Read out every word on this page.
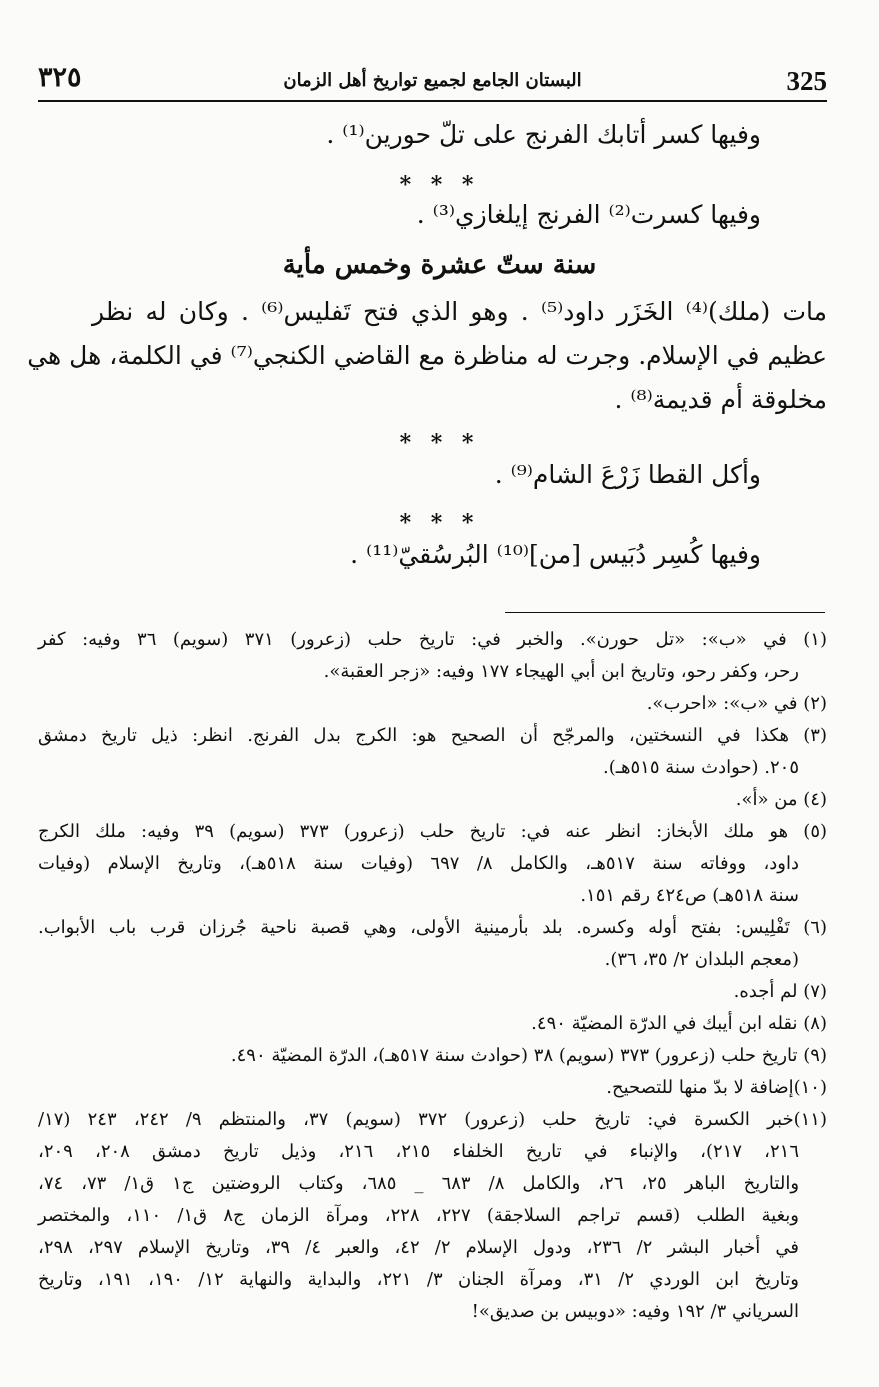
325
البستان الجامع لجميع تواريخ أهل الزمان
٣٢٥
وفيها كسر أتابك الفرنج على تلّ حورين⁽¹⁾ .
* * *
وفيها كسرت⁽²⁾ الفرنج إيلغازي⁽³⁾ .
سنة ستّ عشرة وخمس مأية
مات (ملك)⁽⁴⁾ الخَزَر داود⁽⁵⁾ . وهو الذي فتح تَفليس⁽⁶⁾ . وكان له نظر
عظيم في الإسلام. وجرت له مناظرة مع القاضي الكنجي⁽⁷⁾ في الكلمة، هل هي
مخلوقة أم قديمة⁽⁸⁾ .
* * *
وأكل القطا زَرْعَ الشام⁽⁹⁾ .
* * *
وفيها كُسِر دُبَيس [من]⁽¹⁰⁾ البُرسُقيّ⁽¹¹⁾ .
(١) في «ب»: «تل حورن». والخبر في: تاريخ حلب (زعرور) ٣٧١ (سويم) ٣٦ وفيه: كفر
رحر، وكفر رحو، وتاريخ ابن أبي الهيجاء ١٧٧ وفيه: «زجر العقبة».
(٢) في «ب»: «احرب».
(٣) هكذا في النسختين، والمرجّح أن الصحيح هو: الكرج بدل الفرنج. انظر: ذيل تاريخ دمشق
٢٠٥. (حوادث سنة ٥١٥هـ).
(٤) من «أ».
(٥) هو ملك الأبخاز: انظر عنه في: تاريخ حلب (زعرور) ٣٧٣ (سويم) ٣٩ وفيه: ملك الكرج
داود، ووفاته سنة ٥١٧هـ، والكامل ٨/ ٦٩٧ (وفيات سنة ٥١٨هـ)، وتاريخ الإسلام (وفيات
سنة ٥١٨هـ) ص٤٢٤ رقم ١٥١.
(٦) تَفْلِيس: بفتح أوله وكسره. بلد بأرمينية الأولى، وهي قصبة ناحية جُرزان قرب باب الأبواب.
(معجم البلدان ٢/ ٣٥، ٣٦).
(٧) لم أجده.
(٨) نقله ابن أيبك في الدرّة المضيّة ٤٩٠.
(٩) تاريخ حلب (زعرور) ٣٧٣ (سويم) ٣٨ (حوادث سنة ٥١٧هـ)، الدرّة المضيّة ٤٩٠.
(١٠)إضافة لا بدّ منها للتصحيح.
(١١)خبر الكسرة في: تاريخ حلب (زعرور) ٣٧٢ (سويم) ٣٧، والمنتظم ٩/ ٢٤٢، ٢٤٣ (١٧/
٢١٦، ٢١٧)، والإنباء في تاريخ الخلفاء ٢١٥، ٢١٦، وذيل تاريخ دمشق ٢٠٨، ٢٠٩،
والتاريخ الباهر ٢٥، ٢٦، والكامل ٨/ ٦٨٣ _ ٦٨٥، وكتاب الروضتين ج١ ق١/ ٧٣، ٧٤،
وبغية الطلب (قسم تراجم السلاجقة) ٢٢٧، ٢٢٨، ومرآة الزمان ج٨ ق١/ ١١٠، والمختصر
في أخبار البشر ٢/ ٢٣٦، ودول الإسلام ٢/ ٤٢، والعبر ٤/ ٣٩، وتاريخ الإسلام ٢٩٧، ٢٩٨،
وتاريخ ابن الوردي ٢/ ٣١، ومرآة الجنان ٣/ ٢٢١، والبداية والنهاية ١٢/ ١٩٠، ١٩١، وتاريخ
السرياني ٣/ ١٩٢ وفيه: «دوبيس بن صديق»!
